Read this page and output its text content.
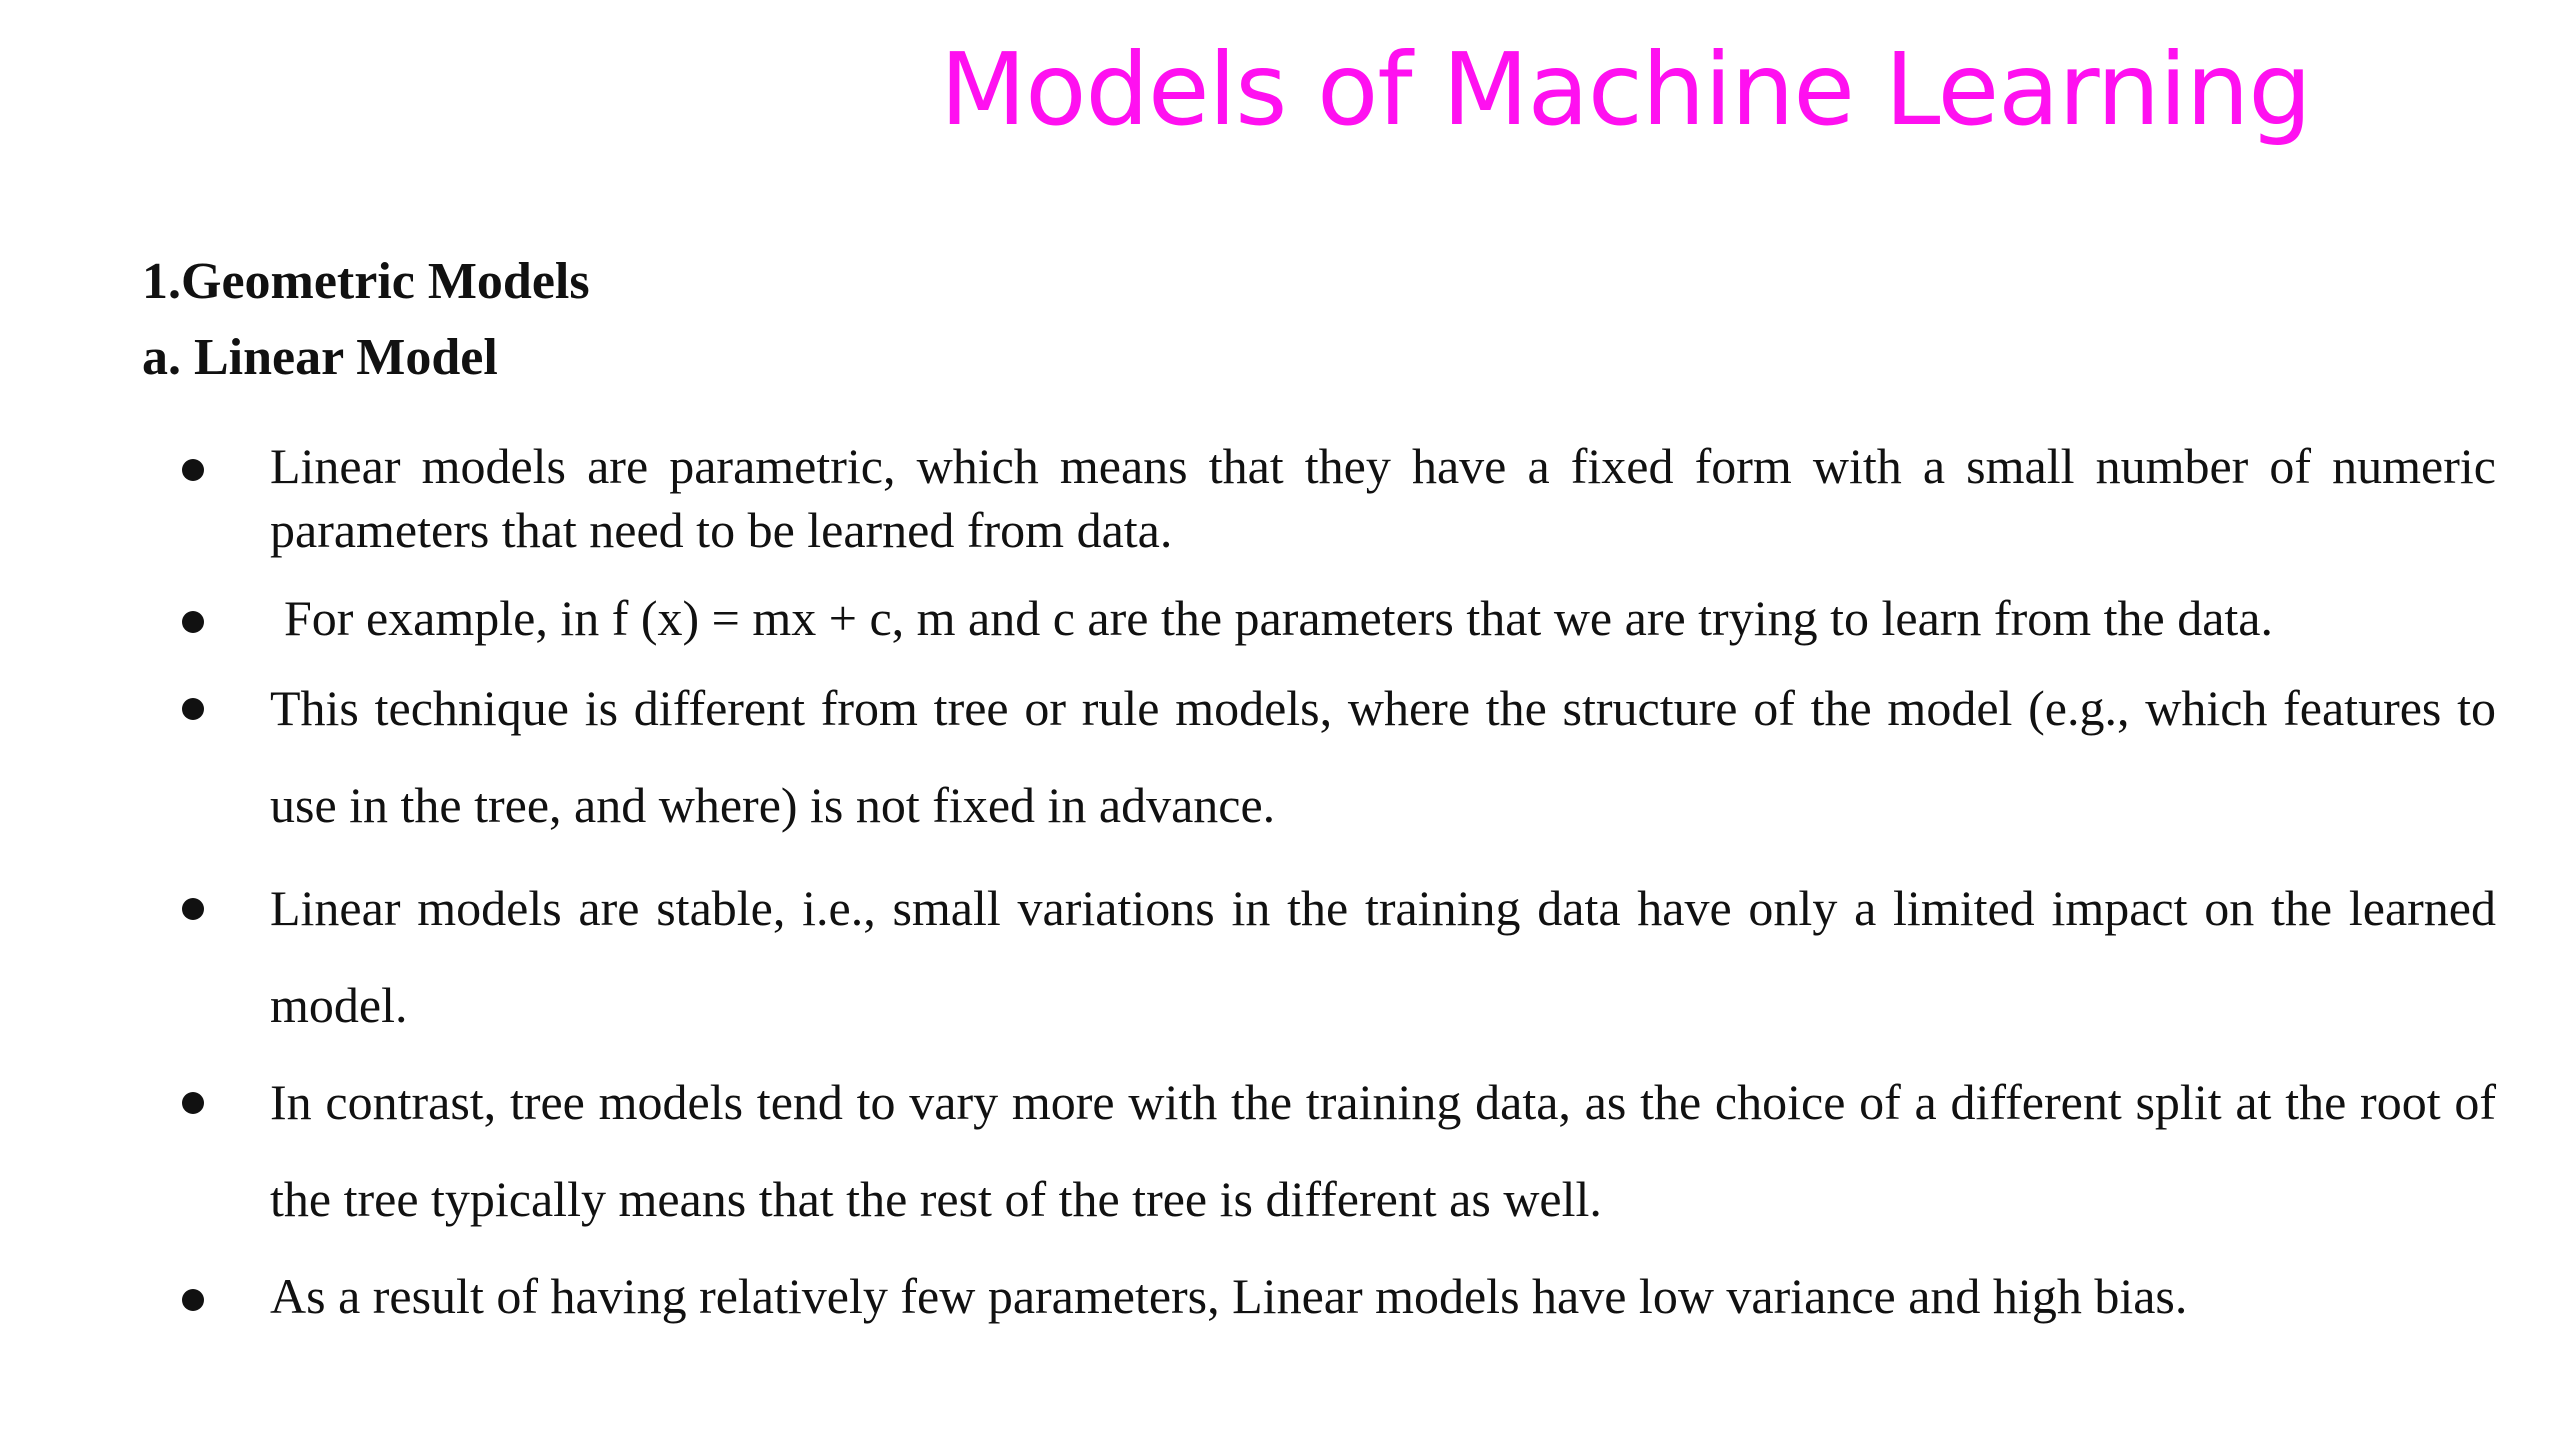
Models of Machine Learning
1.Geometric Models
a. Linear Model
Linear models are parametric, which means that they have a fixed form with a small number of numeric parameters that need to be learned from data.
For example, in f (x) = mx + c, m and c are the parameters that we are trying to learn from the data.
This technique is different from tree or rule models, where the structure of the model (e.g., which features to use in the tree, and where) is not fixed in advance.
Linear models are stable, i.e., small variations in the training data have only a limited impact on the learned model.
In contrast, tree models tend to vary more with the training data, as the choice of a different split at the root of the tree typically means that the rest of the tree is different as well.
As a result of having relatively few parameters, Linear models have low variance and high bias.
